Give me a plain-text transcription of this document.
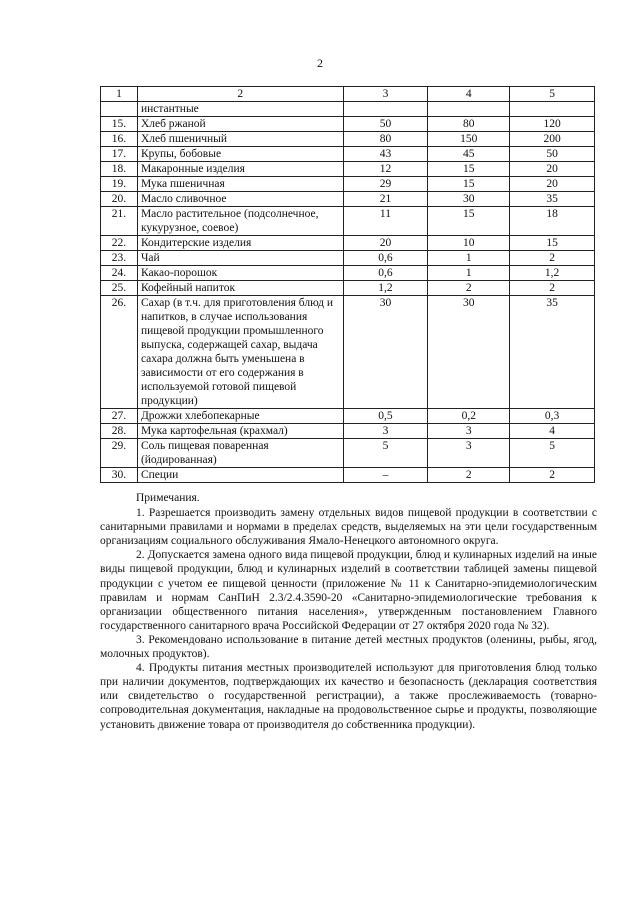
2
1	2	3	4	5
	инстантные			
15.	Хлеб ржаной	50	80	120
16.	Хлеб пшеничный	80	150	200
17.	Крупы, бобовые	43	45	50
18.	Макаронные изделия	12	15	20
19.	Мука пшеничная	29	15	20
20.	Масло сливочное	21	30	35
21.	Масло растительное (подсолнечное, кукурузное, соевое)	11	15	18
22.	Кондитерские изделия	20	10	15
23.	Чай	0,6	1	2
24.	Какао-порошок	0,6	1	1,2
25.	Кофейный напиток	1,2	2	2
26.	Сахар (в т.ч. для приготовления блюд и напитков, в случае использования пищевой продукции промышленного выпуска, содержащей сахар, выдача сахара должна быть уменьшена в зависимости от его содержания в используемой готовой пищевой продукции)	30	30	35
27.	Дрожжи хлебопекарные	0,5	0,2	0,3
28.	Мука картофельная (крахмал)	3	3	4
29.	Соль пищевая поваренная (йодированная)	5	3	5
30.	Специи	–	2	2

Примечания.

1. Разрешается производить замену отдельных видов пищевой продукции в соответствии с санитарными правилами и нормами в пределах средств, выделяемых на эти цели государственным организациям социального обслуживания Ямало-Ненецкого автономного округа.

2. Допускается замена одного вида пищевой продукции, блюд и кулинарных изделий на иные виды пищевой продукции, блюд и кулинарных изделий в соответствии таблицей замены пищевой продукции с учетом ее пищевой ценности (приложение № 11 к Санитарно-эпидемиологическим правилам и нормам СанПиН 2.3/2.4.3590-20 «Санитарно-эпидемиологические требования к организации общественного питания населения», утвержденным постановлением Главного государственного санитарного врача Российской Федерации от 27 октября 2020 года № 32).

3. Рекомендовано использование в питание детей местных продуктов (оленины, рыбы, ягод, молочных продуктов).

4. Продукты питания местных производителей используют для приготовления блюд только при наличии документов, подтверждающих их качество и безопасность (декларация соответствия или свидетельство о государственной регистрации), а также прослеживаемость (товарно-сопроводительная документация, накладные на продовольственное сырье и продукты, позволяющие установить движение товара от производителя до собственника продукции).
